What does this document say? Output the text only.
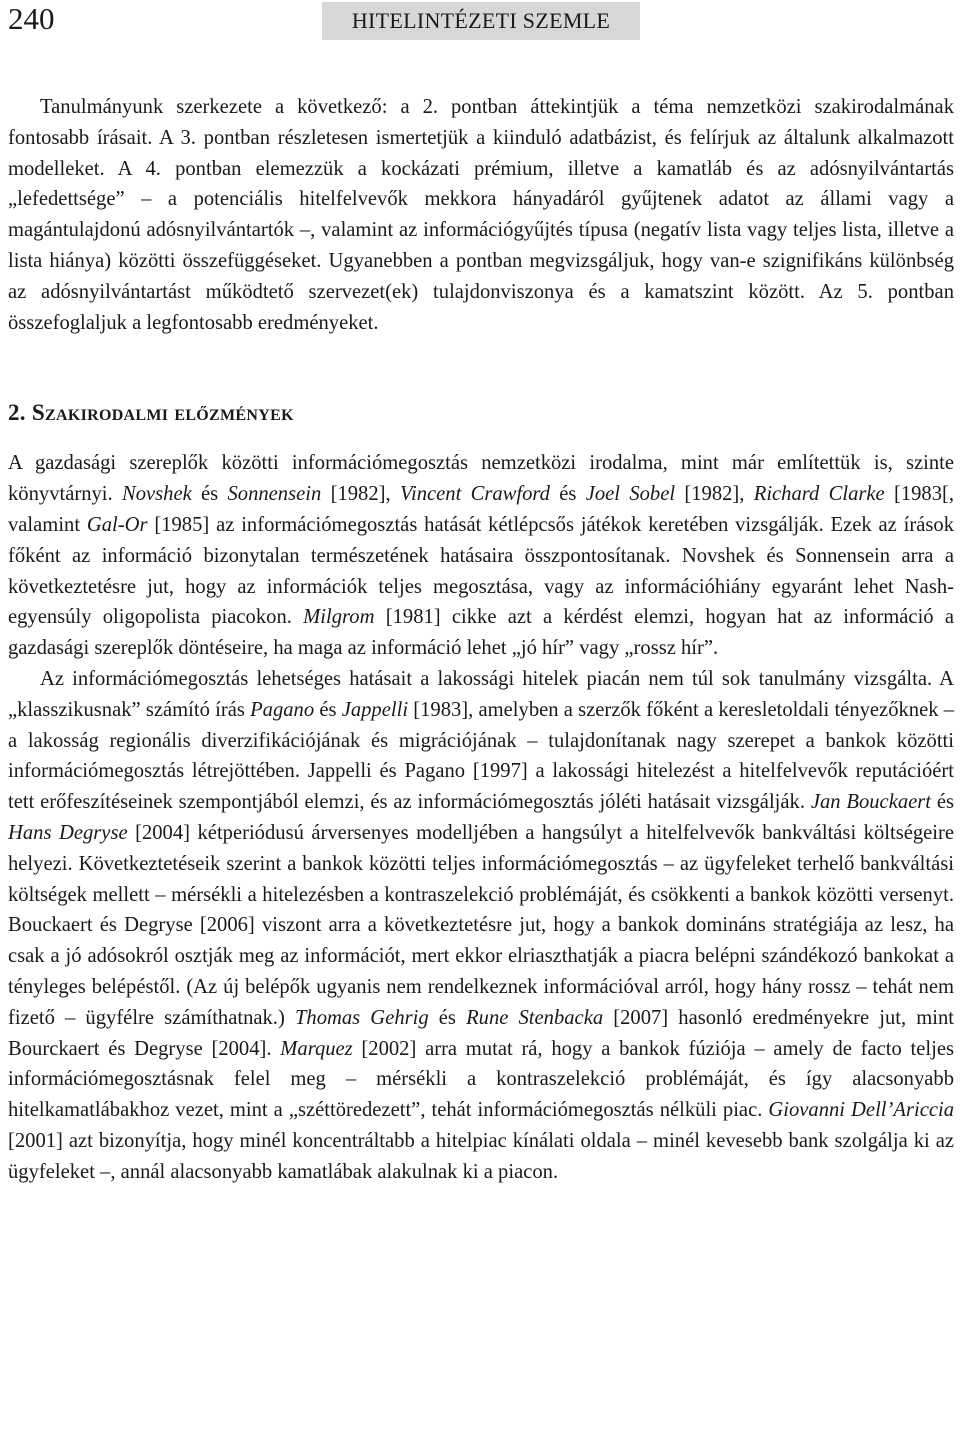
240	HITELINTÉZETI SZEMLE

Tanulmányunk szerkezete a következő: a 2. pontban áttekintjük a téma nemzetközi szakirodalmának fontosabb írásait. A 3. pontban részletesen ismertetjük a kiinduló adatbázist, és felírjuk az általunk alkalmazott modelleket. A 4. pontban elemezzük a kockázati prémium, illetve a kamatláb és az adósnyilvántartás „lefedettsége” – a potenciális hitelfelvevők mekkora hányadáról gyűjtenek adatot az állami vagy a magántulajdonú adósnyilvántartók –, valamint az információgyűjtés típusa (negatív lista vagy teljes lista, illetve a lista hiánya) közötti összefüggéseket. Ugyanebben a pontban megvizsgáljuk, hogy van-e szignifikáns különbség az adósnyilvántartást működtető szervezet(ek) tulajdonviszonya és a kamatszint között. Az 5. pontban összefoglaljuk a legfontosabb eredményeket.

2. Szakirodalmi előzmények

A gazdasági szereplők közötti információmegosztás nemzetközi irodalma, mint már említettük is, szinte könyvtárnyi. Novshek és Sonnensein [1982], Vincent Crawford és Joel Sobel [1982], Richard Clarke [1983[, valamint Gal-Or [1985] az információmegosztás hatását kétlépcsős játékok keretében vizsgálják. Ezek az írások főként az információ bizonytalan természetének hatásaira összpontosítanak. Novshek és Sonnensein arra a következtetésre jut, hogy az információk teljes megosztása, vagy az információhiány egyaránt lehet Nash-egyensúly oligopolista piacokon. Milgrom [1981] cikke azt a kérdést elemzi, hogyan hat az információ a gazdasági szereplők döntéseire, ha maga az információ lehet „jó hír” vagy „rossz hír”.

Az információmegosztás lehetséges hatásait a lakossági hitelek piacán nem túl sok tanulmány vizsgálta. A „klasszikusnak” számító írás Pagano és Jappelli [1983], amelyben a szerzők főként a keresletoldali tényezőknek – a lakosság regionális diverzifikációjának és migrációjának – tulajdonítanak nagy szerepet a bankok közötti információmegosztás létrejöttében. Jappelli és Pagano [1997] a lakossági hitelezést a hitelfelvevők reputációért tett erőfeszítéseinek szempontjából elemzi, és az információmegosztás jóléti hatásait vizsgálják. Jan Bouckaert és Hans Degryse [2004] kétperiódusú árversenyes modelljében a hangsúlyt a hitelfelvevők bankváltási költségeire helyezi. Következtetéseik szerint a bankok közötti teljes információmegosztás – az ügyfeleket terhelő bankváltási költségek mellett – mérsékli a hitelezésben a kontraszelekció problémáját, és csökkenti a bankok közötti versenyt. Bouckaert és Degryse [2006] viszont arra a következtetésre jut, hogy a bankok domináns stratégiája az lesz, ha csak a jó adósokról osztják meg az információt, mert ekkor elriaszthatják a piacra belépni szándékozó bankokat a tényleges belépéstől. (Az új belépők ugyanis nem rendelkeznek információval arról, hogy hány rossz – tehát nem fizető – ügyfélre számíthatnak.) Thomas Gehrig és Rune Stenbacka [2007] hasonló eredményekre jut, mint Bourckaert és Degryse [2004]. Marquez [2002] arra mutat rá, hogy a bankok fúziója – amely de facto teljes információmegosztásnak felel meg – mérsékli a kontraszelekció problémáját, és így alacsonyabb hitelkamatlábakhoz vezet, mint a „széttöredezett”, tehát információmegosztás nélküli piac. Giovanni Dell’Ariccia [2001] azt bizonyítja, hogy minél koncentráltabb a hitelpiac kínálati oldala – minél kevesebb bank szolgálja ki az ügyfeleket –, annál alacsonyabb kamatlábak alakulnak ki a piacon.
